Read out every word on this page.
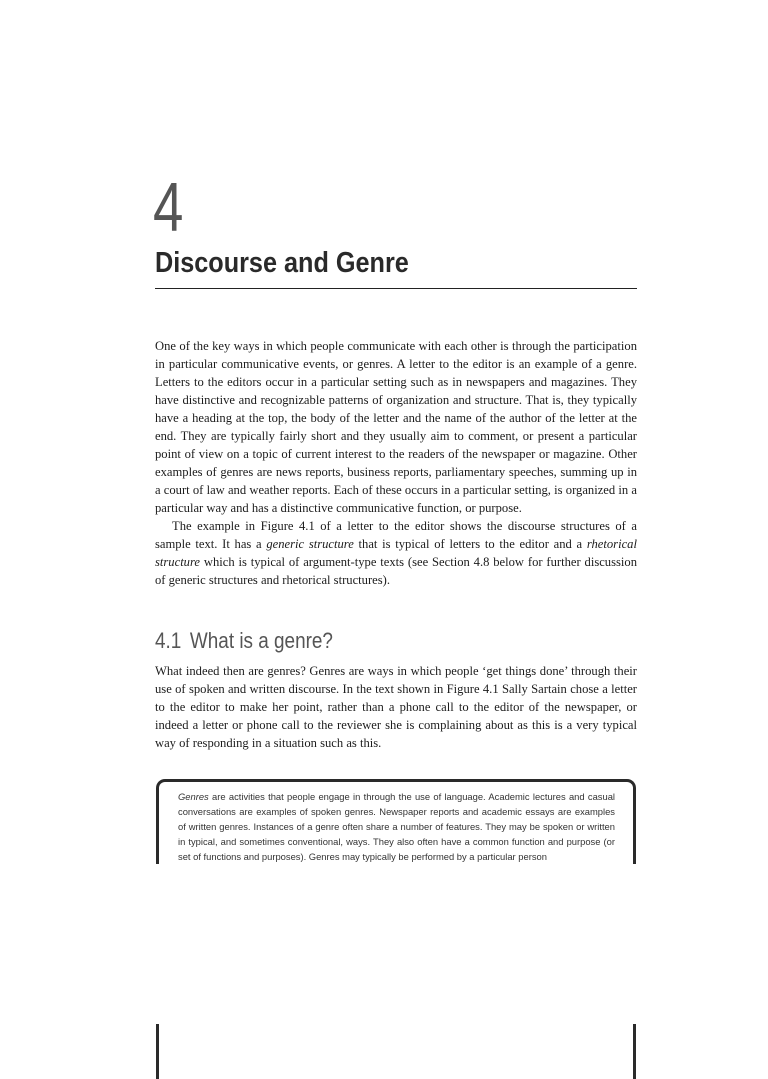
4
Discourse and Genre

One of the key ways in which people communicate with each other is through the participation in particular communicative events, or genres. A letter to the editor is an example of a genre. Letters to the editors occur in a particular setting such as in newspapers and magazines. They have distinctive and recognizable patterns of organization and structure. That is, they typically have a heading at the top, the body of the letter and the name of the author of the letter at the end. They are typically fairly short and they usually aim to comment, or present a particular point of view on a topic of current interest to the readers of the newspaper or magazine. Other examples of genres are news reports, business reports, parliamentary speeches, summing up in a court of law and weather reports. Each of these occurs in a particular setting, is organized in a particular way and has a distinctive communicative function, or purpose.

The example in Figure 4.1 of a letter to the editor shows the discourse structures of a sample text. It has a generic structure that is typical of letters to the editor and a rhetorical structure which is typical of argument-type texts (see Section 4.8 below for further discussion of generic structures and rhetorical structures).

4.1 What is a genre?

What indeed then are genres? Genres are ways in which people ‘get things done’ through their use of spoken and written discourse. In the text shown in Figure 4.1 Sally Sartain chose a letter to the editor to make her point, rather than a phone call to the editor of the newspaper, or indeed a letter or phone call to the reviewer she is complaining about as this is a very typical way of responding in a situation such as this.

Genres are activities that people engage in through the use of language. Academic lectures and casual conversations are examples of spoken genres. Newspaper reports and academic essays are examples of written genres. Instances of a genre often share a number of features. They may be spoken or written in typical, and sometimes conventional, ways. They also often have a common function and purpose (or set of functions and purposes). Genres may typically be performed by a particular person
